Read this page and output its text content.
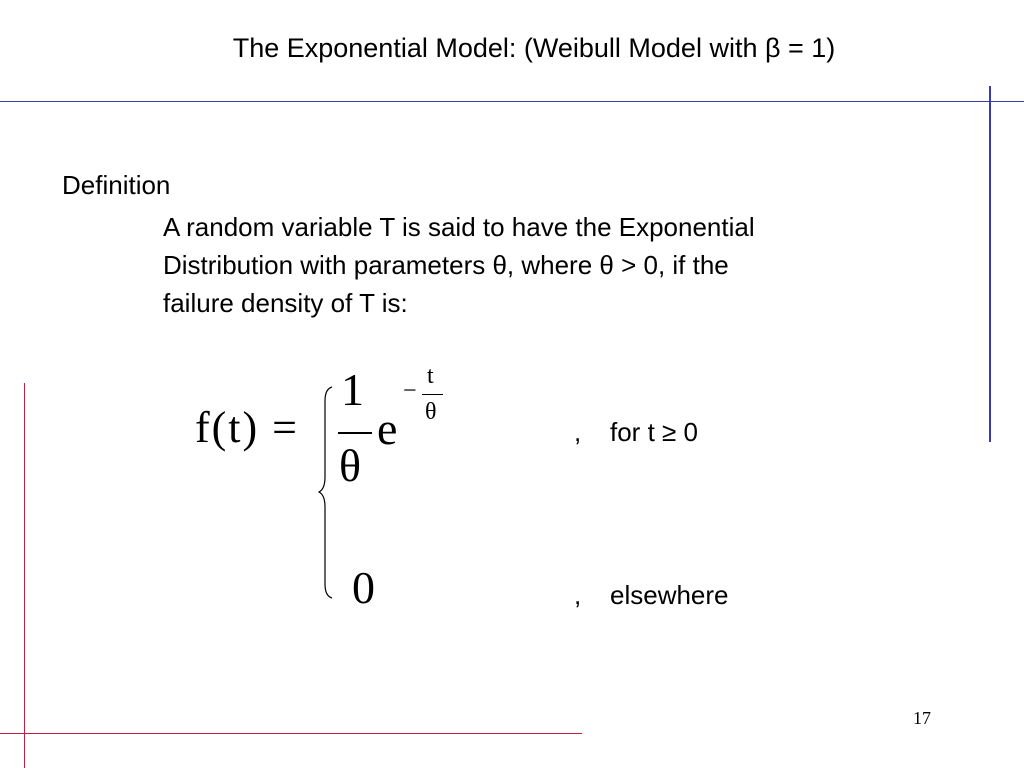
The Exponential Model: (Weibull Model with β = 1)
Definition
A random variable T is said to have the Exponential
Distribution with parameters θ, where θ > 0, if the
failure density of T is:
f(t) =
1
θ
e
−
t
θ
0
, for t ≥ 0
, elsewhere
17
